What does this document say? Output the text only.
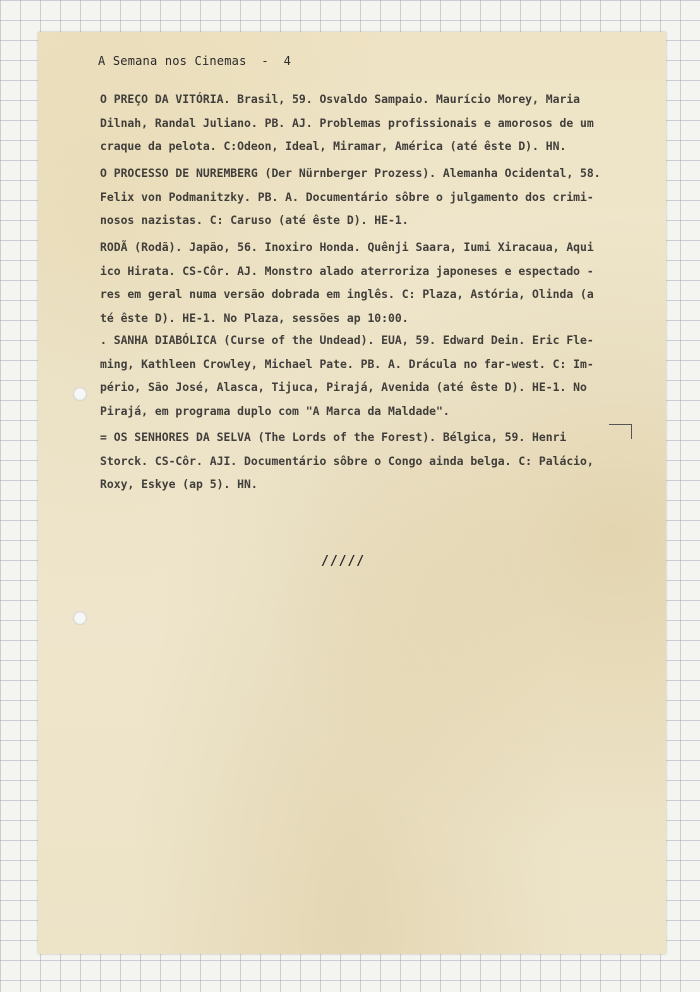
A Semana nos Cinemas  -  4
O PREÇO DA VITÓRIA. Brasil, 59. Osvaldo Sampaio. Maurício Morey, Maria
Dilnah, Randal Juliano. PB. AJ. Problemas profissionais e amorosos de um
craque da pelota. C:Odeon, Ideal, Miramar, América (até êste D). HN.
O PROCESSO DE NUREMBERG (Der Nürnberger Prozess). Alemanha Ocidental, 58.
Felix von Podmanitzky. PB. A. Documentário sôbre o julgamento dos crimi-
nosos nazistas. C: Caruso (até êste D). HE-1.
RODÃ (Rodã). Japão, 56. Inoxiro Honda. Quênji Saara, Iumi Xiracaua, Aqui
ico Hirata. CS-Côr. AJ. Monstro alado aterroriza japoneses e espectado -
res em geral numa versão dobrada em inglês. C: Plaza, Astória, Olinda (a
té êste D). HE-1. No Plaza, sessões ap 10:00.
. SANHA DIABÓLICA (Curse of the Undead). EUA, 59. Edward Dein. Eric Fle-
ming, Kathleen Crowley, Michael Pate. PB. A. Drácula no far-west. C: Im-
pério, São José, Alasca, Tijuca, Pirajá, Avenida (até êste D). HE-1. No
Pirajá, em programa duplo com "A Marca da Maldade".
= OS SENHORES DA SELVA (The Lords of the Forest). Bélgica, 59. Henri
Storck. CS-Côr. AJI. Documentário sôbre o Congo ainda belga. C: Palácio,
Roxy, Eskye (ap 5). HN.
/////
